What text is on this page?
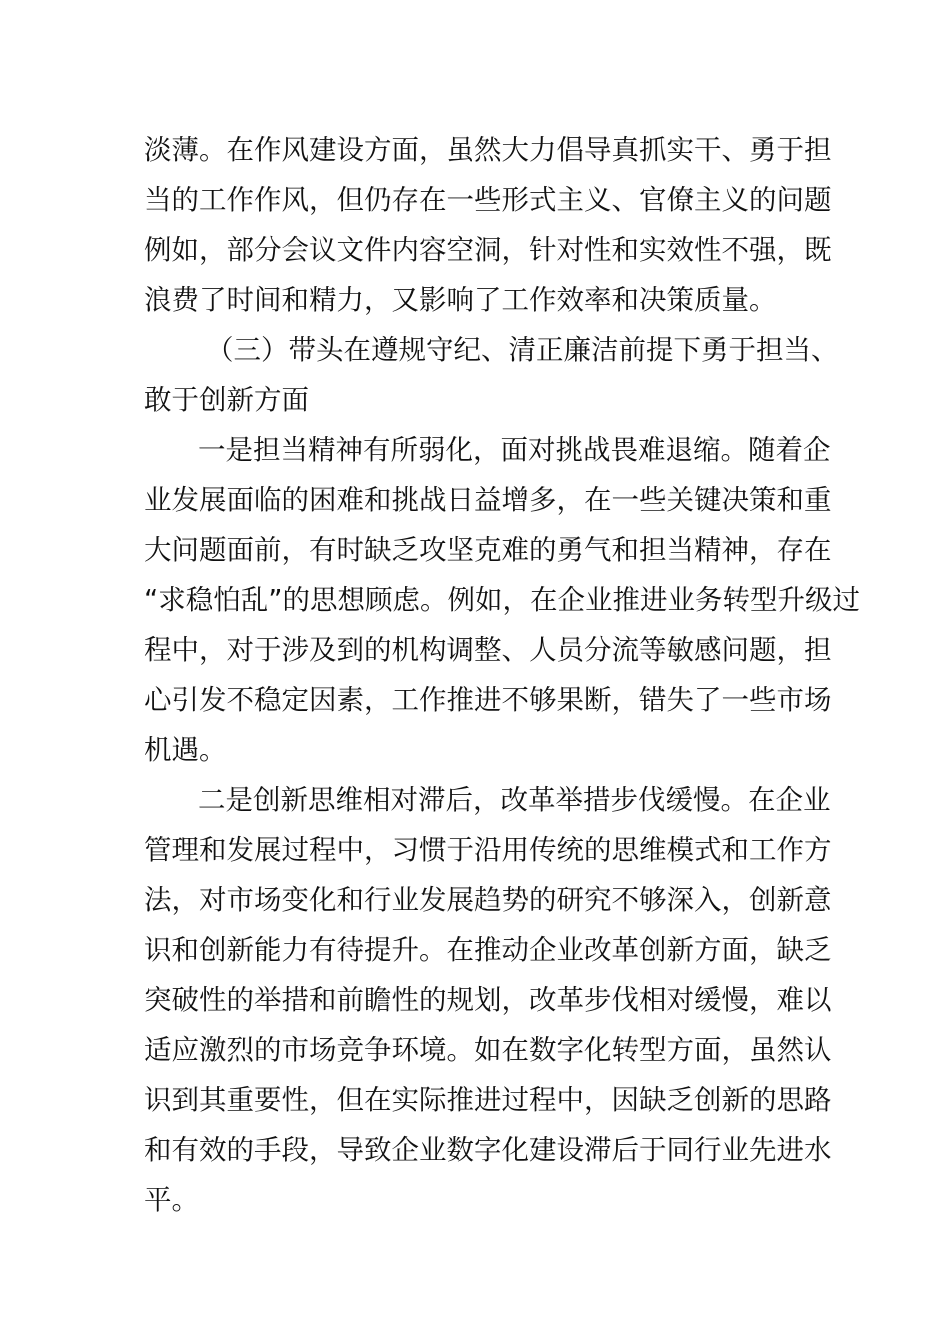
淡薄。在作风建设方面，虽然大力倡导真抓实干、勇于担
当的工作作风，但仍存在一些形式主义、官僚主义的问题
例如，部分会议文件内容空洞，针对性和实效性不强，既
浪费了时间和精力，又影响了工作效率和决策质量。
（三）带头在遵规守纪、清正廉洁前提下勇于担当、
敢于创新方面
一是担当精神有所弱化，面对挑战畏难退缩。随着企
业发展面临的困难和挑战日益增多，在一些关键决策和重
大问题面前，有时缺乏攻坚克难的勇气和担当精神，存在
“求稳怕乱”的思想顾虑。例如，在企业推进业务转型升级过
程中，对于涉及到的机构调整、人员分流等敏感问题，担
心引发不稳定因素，工作推进不够果断，错失了一些市场
机遇。
二是创新思维相对滞后，改革举措步伐缓慢。在企业
管理和发展过程中，习惯于沿用传统的思维模式和工作方
法，对市场变化和行业发展趋势的研究不够深入，创新意
识和创新能力有待提升。在推动企业改革创新方面，缺乏
突破性的举措和前瞻性的规划，改革步伐相对缓慢，难以
适应激烈的市场竞争环境。如在数字化转型方面，虽然认
识到其重要性，但在实际推进过程中，因缺乏创新的思路
和有效的手段，导致企业数字化建设滞后于同行业先进水
平。
